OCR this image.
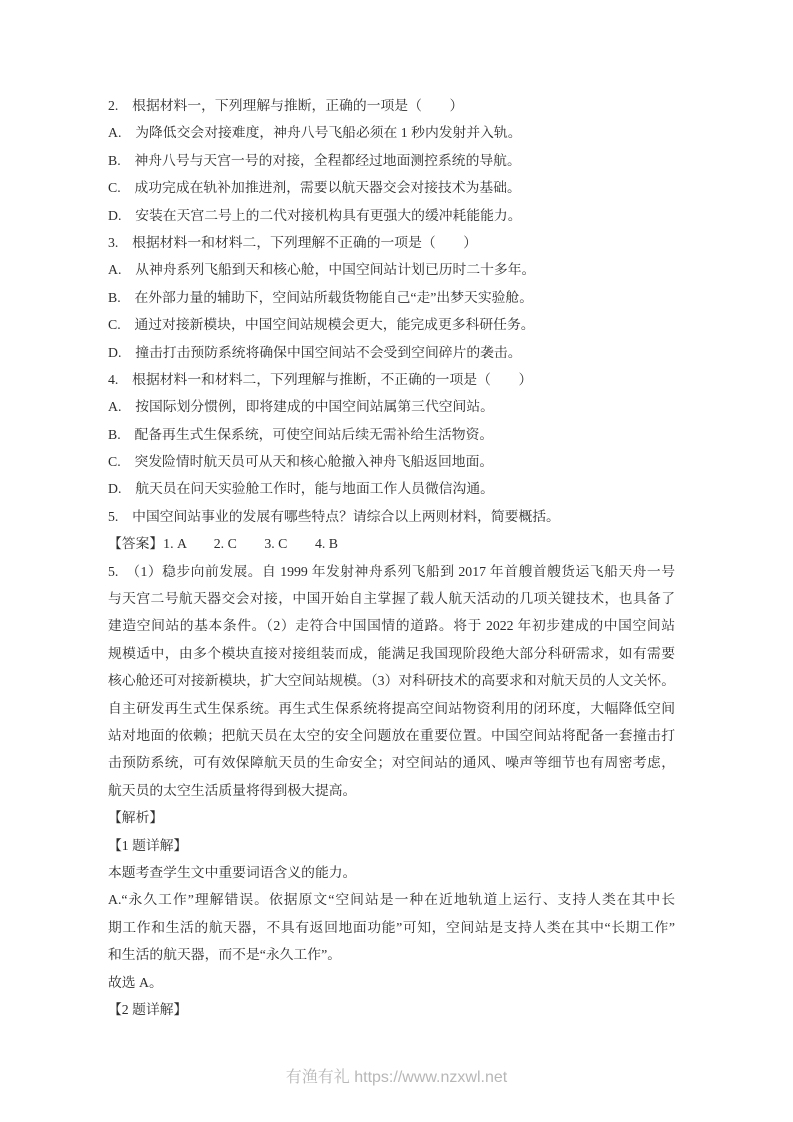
2.　根据材料一，下列理解与推断，正确的一项是（　　）
A.　为降低交会对接难度，神舟八号飞船必须在 1 秒内发射并入轨。
B.　神舟八号与天宫一号的对接，全程都经过地面测控系统的导航。
C.　成功完成在轨补加推进剂，需要以航天器交会对接技术为基础。
D.　安装在天宫二号上的二代对接机构具有更强大的缓冲耗能能力。
3.　根据材料一和材料二，下列理解不正确的一项是（　　）
A.　从神舟系列飞船到天和核心舱，中国空间站计划已历时二十多年。
B.　在外部力量的辅助下，空间站所载货物能自己“走”出梦天实验舱。
C.　通过对接新模块，中国空间站规模会更大，能完成更多科研任务。
D.　撞击打击预防系统将确保中国空间站不会受到空间碎片的袭击。
4.　根据材料一和材料二，下列理解与推断，不正确的一项是（　　）
A.　按国际划分惯例，即将建成的中国空间站属第三代空间站。
B.　配备再生式生保系统，可使空间站后续无需补给生活物资。
C.　突发险情时航天员可从天和核心舱撤入神舟飞船返回地面。
D.　航天员在问天实验舱工作时，能与地面工作人员微信沟通。
5.　中国空间站事业的发展有哪些特点？请综合以上两则材料，简要概括。
【答案】1. A　　2. C　　3. C　　4. B
5.　（1）稳步向前发展。自 1999 年发射神舟系列飞船到 2017 年首艘首艘货运飞船天舟一号
与天宫二号航天器交会对接，中国开始自主掌握了载人航天活动的几项关键技术，也具备了
建造空间站的基本条件。（2）走符合中国国情的道路。将于 2022 年初步建成的中国空间站
规模适中，由多个模块直接对接组装而成，能满足我国现阶段绝大部分科研需求，如有需要
核心舱还可对接新模块，扩大空间站规模。（3）对科研技术的高要求和对航天员的人文关怀。
自主研发再生式生保系统。再生式生保系统将提高空间站物资利用的闭环度，大幅降低空间
站对地面的依赖；把航天员在太空的安全问题放在重要位置。中国空间站将配备一套撞击打
击预防系统，可有效保障航天员的生命安全；对空间站的通风、噪声等细节也有周密考虑，
航天员的太空生活质量将得到极大提高。
【解析】
【1 题详解】
本题考查学生文中重要词语含义的能力。
A.“永久工作”理解错误。依据原文“空间站是一种在近地轨道上运行、支持人类在其中长
期工作和生活的航天器，不具有返回地面功能”可知，空间站是支持人类在其中“长期工作”
和生活的航天器，而不是“永久工作”。
故选 A。
【2 题详解】
有渔有礼 https://www.nzxwl.net
